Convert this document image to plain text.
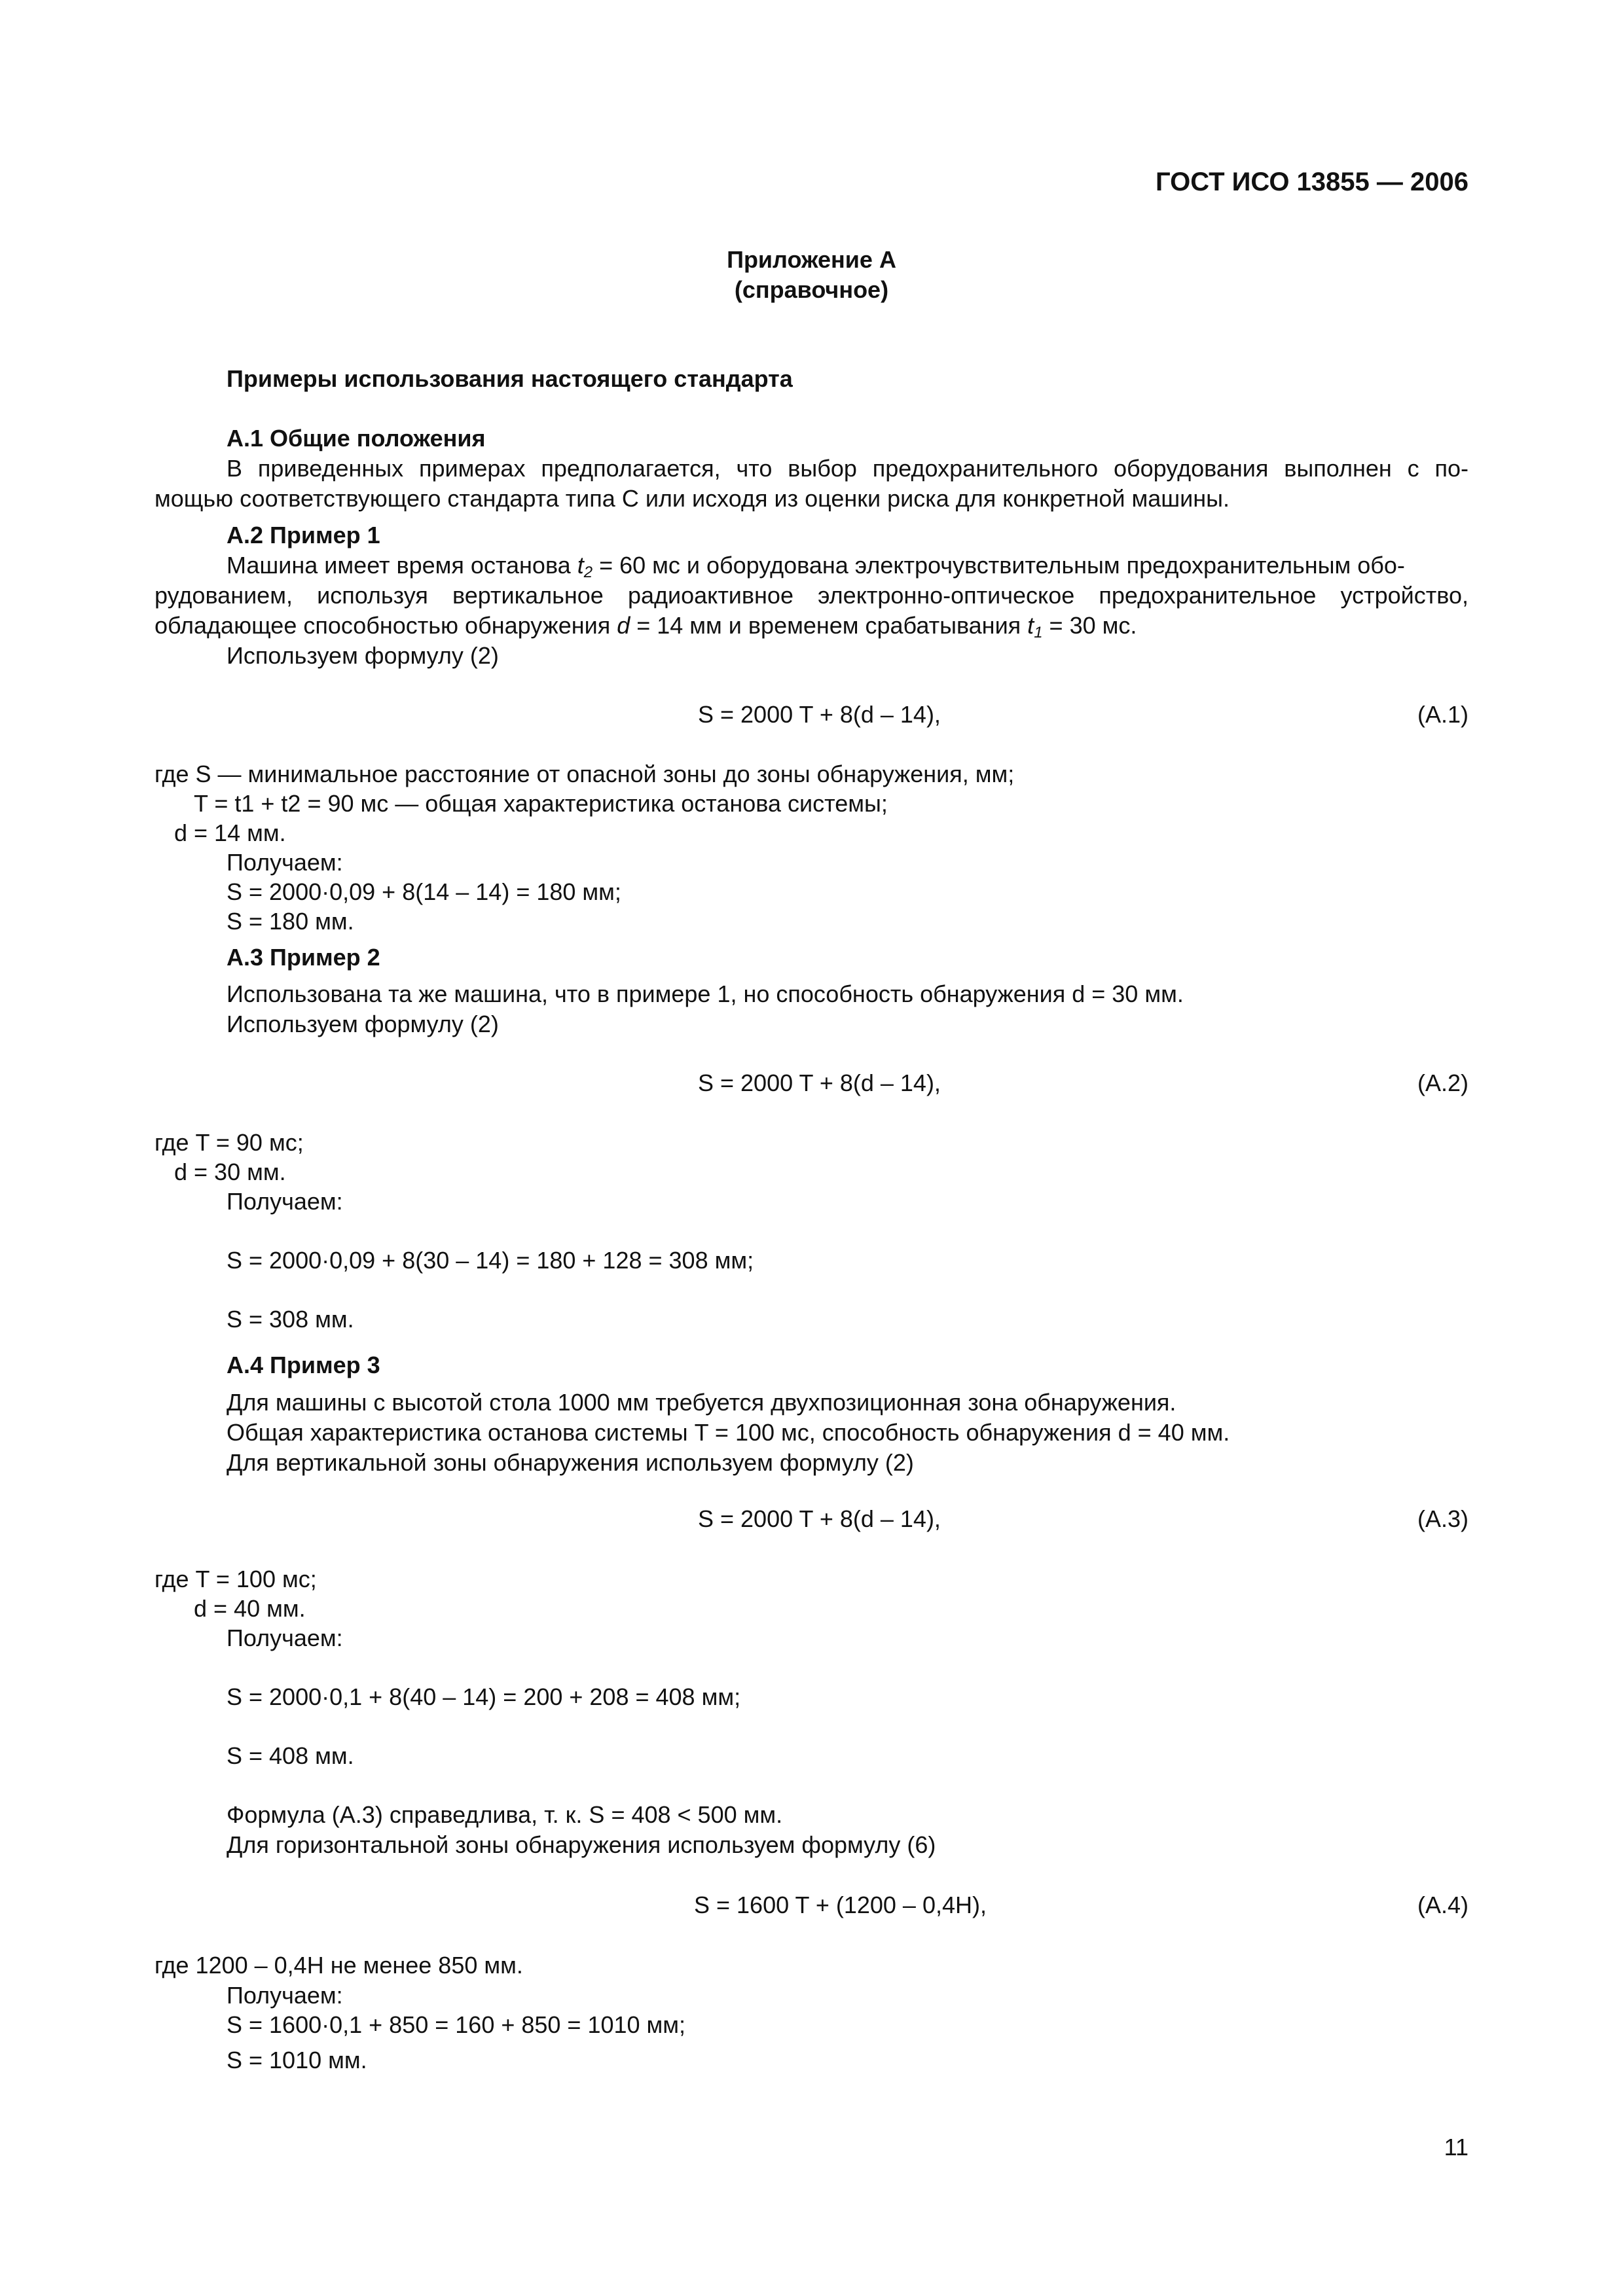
ГОСТ ИСО 13855 — 2006
Приложение А
(справочное)
Примеры использования настоящего стандарта
А.1 Общие положения
В приведенных примерах предполагается, что выбор предохранительного оборудования выполнен с по-
мощью соответствующего стандарта типа С или исходя из оценки риска для конкретной машины.
А.2 Пример 1
Машина имеет время останова $t_2 = 60$ мс и оборудована электрочувствительным предохранительным обо-
рудованием, используя вертикальное радиоактивное электронно-оптическое предохранительное устройство,
обладающее способностью обнаружения d = 14 мм и временем срабатывания $t_1 = 30$ мс.
Используем формулу (2)
S = 2000 T + 8(d – 14),	(А.1)
где S — минимальное расстояние от опасной зоны до зоны обнаружения, мм;
T = t1 + t2 = 90 мс — общая характеристика останова системы;
d = 14 мм.
Получаем:
S = 2000·0,09 + 8(14 – 14) = 180 мм;
S = 180 мм.
А.3 Пример 2
Использована та же машина, что в примере 1, но способность обнаружения d = 30 мм.
Используем формулу (2)
S = 2000 T + 8(d – 14),	(А.2)
где T = 90 мс;
d = 30 мм.
Получаем:
S = 2000·0,09 + 8(30 – 14) = 180 + 128 = 308 мм;
S = 308 мм.
А.4 Пример 3
Для машины с высотой стола 1000 мм требуется двухпозиционная зона обнаружения.
Общая характеристика останова системы T = 100 мс, способность обнаружения d = 40 мм.
Для вертикальной зоны обнаружения используем формулу (2)
S = 2000 T + 8(d – 14),	(А.3)
где T = 100 мс;
d = 40 мм.
Получаем:
S = 2000·0,1 + 8(40 – 14) = 200 + 208 = 408 мм;
S = 408 мм.
Формула (А.3) справедлива, т. к. S = 408 < 500 мм.
Для горизонтальной зоны обнаружения используем формулу (6)
S = 1600 T + (1200 – 0,4H),	(А.4)
где 1200 – 0,4H не менее 850 мм.
Получаем:
S = 1600·0,1 + 850 = 160 + 850 = 1010 мм;
S = 1010 мм.
11
